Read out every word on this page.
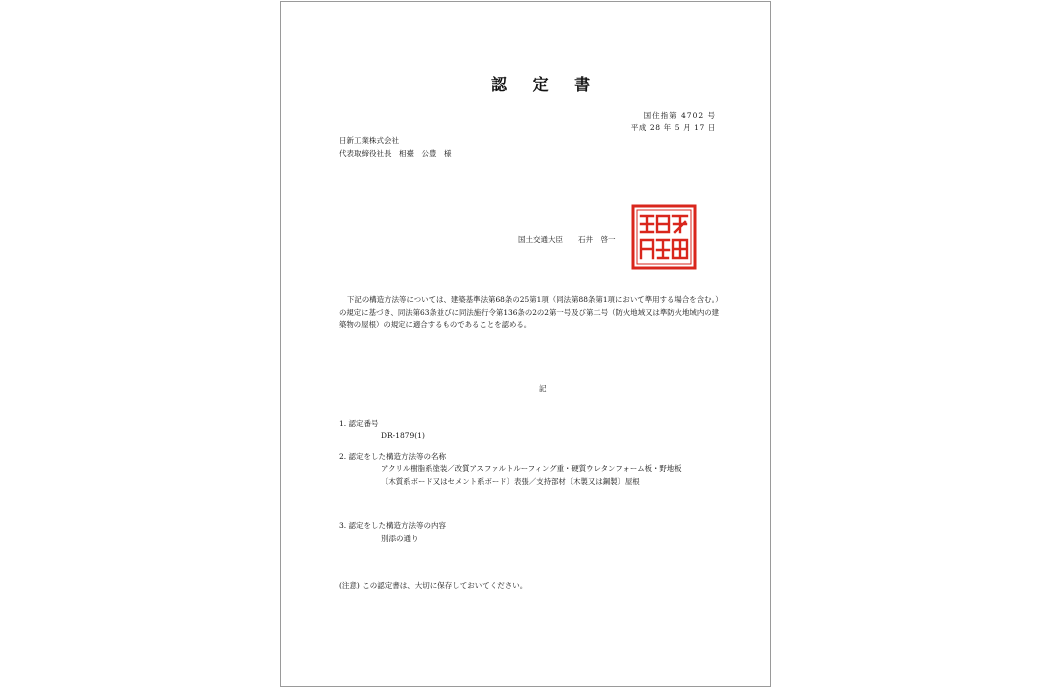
認 定 書
国住指第 4702 号
平成 28 年 5 月 17 日
日新工業株式会社
代表取締役社長　相臺　公豊　様
国土交通大臣　　石井　啓一
下記の構造方法等については、建築基準法第68条の25第1項（同法第88条第1項において準用する場合を含む。）の規定に基づき、同法第63条並びに同法施行令第136条の2の2第一号及び第二号（防火地域又は準防火地域内の建築物の屋根）の規定に適合するものであることを認める。
記
1. 認定番号
DR-1879(1)
2. 認定をした構造方法等の名称
アクリル樹脂系塗装／改質アスファルトルーフィング重・硬質ウレタンフォーム板・野地板〔木質系ボード又はセメント系ボード〕表張／支持部材〔木製又は鋼製〕屋根
3. 認定をした構造方法等の内容
別添の通り
(注意) この認定書は、大切に保存しておいてください。
